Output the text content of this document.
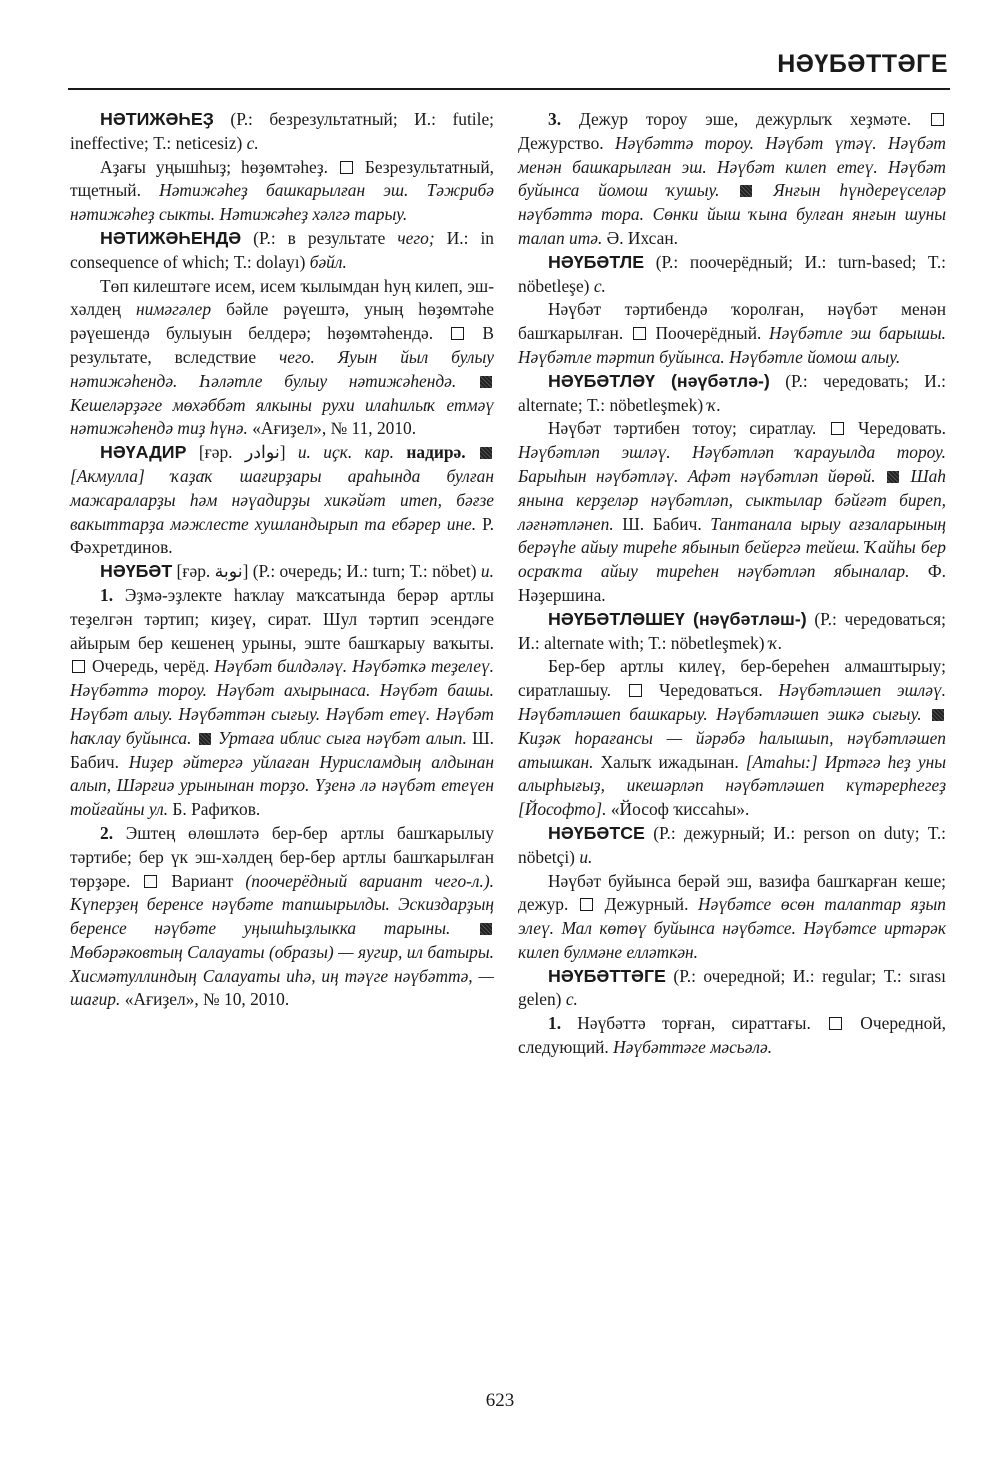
НӘҮБӘТТӘГЕ

НӘТИЖӘҺЕҘ (Р.: безрезультатный; И.: futile; ineffective; Т.: neticesiz) с.

Аҙағы уңышһыҙ; һөҙөмтәһеҙ.  Безрезультатный, тщетный. Нәтижәһеҙ башкарылған эш. Тәжрибә нәтижәһеҙ сыкты. Нәтижәһеҙ хәлгә тарыу.

НӘТИЖӘҺЕНДӘ (Р.: в результате чего; И.: in consequence of which; Т.: dolayı) бәйл.

Төп килештәге исем, исем ҡылымдан һуң килеп, эш-хәлдең нимәгәлер бәйле рәүештә, уның һөҙөмтәһе рәүешендә булыуын белдерә; һөҙөмтәһендә.  В результате, вследствие чего. Яуын йыл булыу нәтижәһендә. Һәләтле булыу нәтижәһендә.  Кешеләрҙәге мөхәббәт ялкыны рухи илаһилыҡ етмәү нәтижәһендә тиҙ һүнә. «Ағиҙел», № 11, 2010.

НӘҮАДИР [ғәр. نوادر] и. иҫк. кар. надирә.  [Акмулла] ҡаҙаҡ шағирҙары араһында булған мажараларҙы һәм нәүадирҙы хикәйәт итеп, бәғзе вакыттарҙа мәжлесте хушландырып та ебәрер ине. Р. Фәхретдинов.

НӘҮБӘТ [ғәр. نوبة] (Р.: очередь; И.: turn; Т.: nöbet) и.

1. Эҙмә-эҙлекте һаҡлау маҡсатында берәр артлы теҙелгән тәртип; киҙеү, сират. Шул тәртип эсендәге айырым бер кешенең урыны, эште башҡарыу ваҡыты.  Очередь, черёд. Нәүбәт билдәләү. Нәүбәткә теҙелеү. Нәүбәттә тороу. Нәүбәт ахырынаса. Нәүбәт башы. Нәүбәт алыу. Нәүбәттән сығыу. Нәүбәт етеү. Нәүбәт һаҡлау буйынса.  Уртаға иблис сыға нәүбәт алып. Ш. Бабич. Ниҙер әйтергә уйлаған Нурисламдың алдынан алып, Шәрғиә урынынан торҙо. Үҙенә лә нәүбәт етеүен тойғайны ул. Б. Рафиҡов.

2. Эштең өлөшләтә бер-бер артлы башҡарылыу тәртибе; бер үк эш-хәлдең бер-бер артлы башҡарылған төрҙәре.  Вариант (поочерёдный вариант чего-л.). Күперҙең беренсе нәүбәте тапшырылды. Эскиздарҙың беренсе нәүбәте уңышһыҙлыкка тарыны.  Мөбәрәковтың Салауаты (образы) — яугир, ил батыры. Хисмәтуллиндың Салауаты иһә, иң тәүге нәүбәттә, — шағир. «Ағиҙел», № 10, 2010.

3. Дежур тороу эше, дежурлыҡ хеҙмәте.  Дежурство. Нәүбәттә тороу. Нәүбәт үтәү. Нәүбәт менән башкарылған эш. Нәүбәт килеп етеү. Нәүбәт буйынса йомош ҡушыу.  Янғын һүндереүселәр нәүбәттә тора. Сөнки йыш ҡына булған янғын шуны талап итә. Ә. Ихсан.

НӘҮБӘТЛЕ (Р.: поочерёдный; И.: turn-based; Т.: nöbetleşe) с.

Нәүбәт тәртибендә ҡоролған, нәүбәт менән башҡарылған.  Поочерёдный. Нәүбәтле эш барышы. Нәүбәтле тәртип буйынса. Нәүбәтле йомош алыу.

НӘҮБӘТЛӘҮ (нәүбәтлә-) (Р.: чередовать; И.: alternate; Т.: nöbetleşmek) ҡ.

Нәүбәт тәртибен тотоу; сиратлау.  Чередовать. Нәүбәтләп эшләү. Нәүбәтләп ҡарауылда тороу. Барыһын нәүбәтләү. Афәт нәүбәтләп йөрөй.  Шаһ янына керҙеләр нәүбәтләп, сыктылар бәйғәт биреп, ләғнәтләнеп. Ш. Бабич. Тантанала ырыу ағзаларының берәүһе айыу тиреһе ябынып бейергә тейеш. Ҡайһы бер осраҡта айыу тиреһен нәүбәтләп ябыналар. Ф. Нәҙершина.

НӘҮБӘТЛӘШЕҮ (нәүбәтләш-) (Р.: чередоваться; И.: alternate with; Т.: nöbetleşmek) ҡ.

Бер-бер артлы килеү, бер-береһен алмаштырыу; сиратлашыу.  Чередоваться. Нәүбәтләшеп эшләү. Нәүбәтләшеп башкарыу. Нәүбәтләшеп эшкә сығыу.  Киҙәк һорағансы — йәрәбә һалышып, нәүбәтләшеп атышкан. Халыҡ ижадынан. [Атаһы:] Иртәгә һеҙ уны алырһығыҙ, икешәрләп нәүбәтләшеп күтәрерһегеҙ [Йософто]. «Йософ ҡиссаһы».

НӘҮБӘТСЕ (Р.: дежурный; И.: person on duty; Т.: nöbetçi) и.

Нәүбәт буйынса берәй эш, вазифа башҡарған кеше; дежур.  Дежурный. Нәүбәтсе өсөн талаптар яҙып элеү. Мал көтөү буйынса нәүбәтсе. Нәүбәтсе иртәрәк килеп булмәне елләткән.

НӘҮБӘТТӘГЕ (Р.: очередной; И.: regular; Т.: sırası gelen) с.

1. Нәүбәттә торған, сираттағы.  Очередной, следующий. Нәүбәттәге мәсьәлә.

623
